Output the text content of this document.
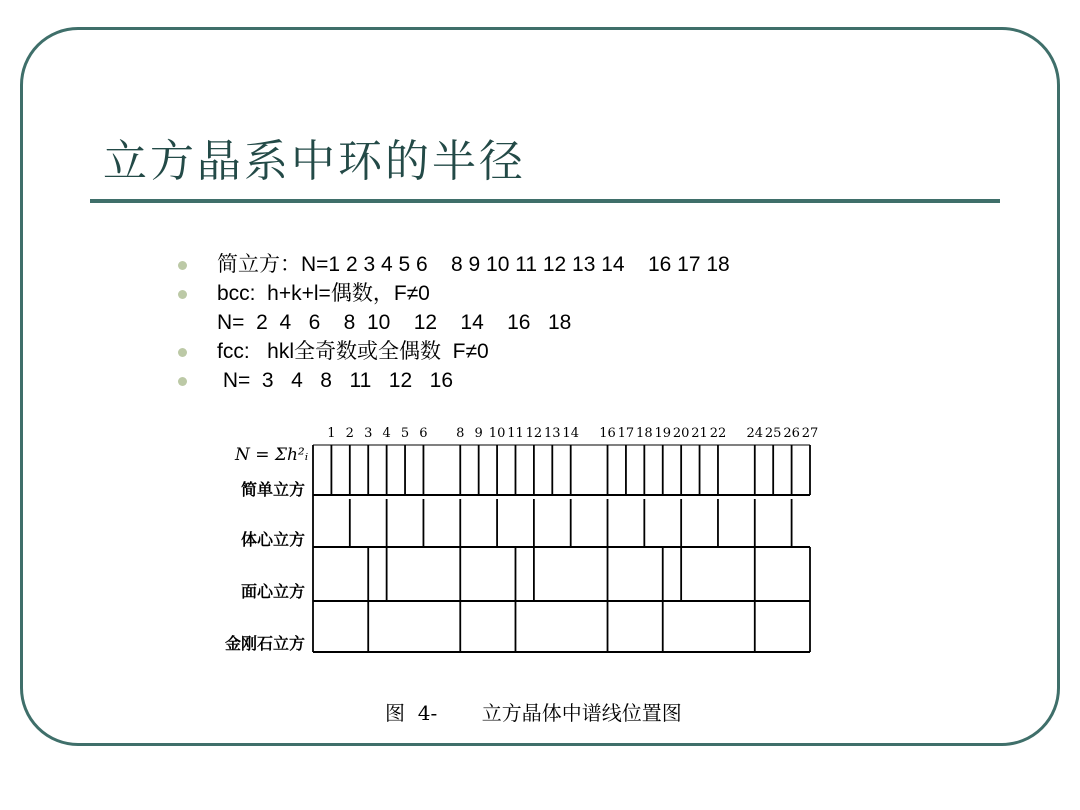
立方晶系中环的半径

简立方：N=1 2 3 4 5 6    8 9 10 11 12 13 14    16 17 18

bcc:  h+k+l=偶数，F≠0

N=  2  4   6    8  10    12    14    16   18

fcc:   hkl全奇数或全偶数  F≠0

N=  3   4   8   11   12   16

1 2 3 4 5 6 8 9 10 11 12 13 14 16 17 18 19 20 21 22 24 25 26 27
N = Σh²ᵢ
简单立方
体心立方
面心立方
金刚石立方
图  4-       立方晶体中谱线位置图
